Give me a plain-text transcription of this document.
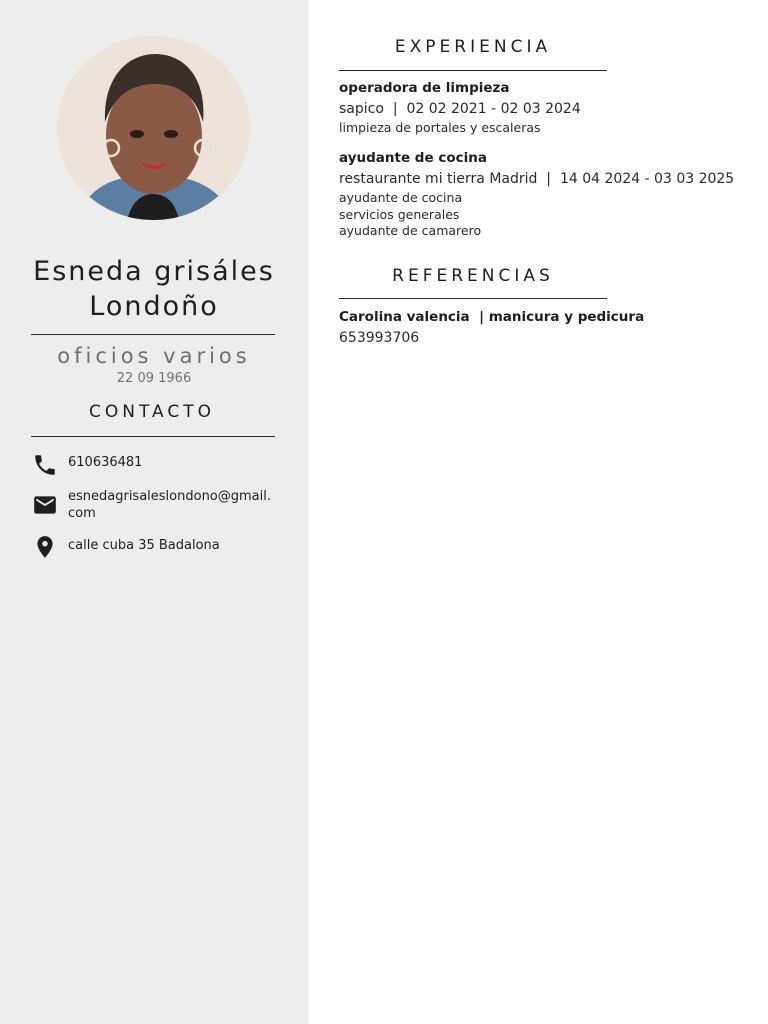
Esneda grisáles
Londoño
oficios varios
22 09 1966
CONTACTO
610636481
esnedagrisaleslondono@gmail.com
calle cuba 35 Badalona
EXPERIENCIA
operadora de limpieza
sapico  |  02 02 2021 - 02 03 2024
limpieza de portales y escaleras
ayudante de cocina
restaurante mi tierra Madrid  |  14 04 2024 - 03 03 2025
ayudante de cocina
servicios generales
ayudante de camarero
REFERENCIAS
Carolina valencia  | manicura y pedicura
653993706
